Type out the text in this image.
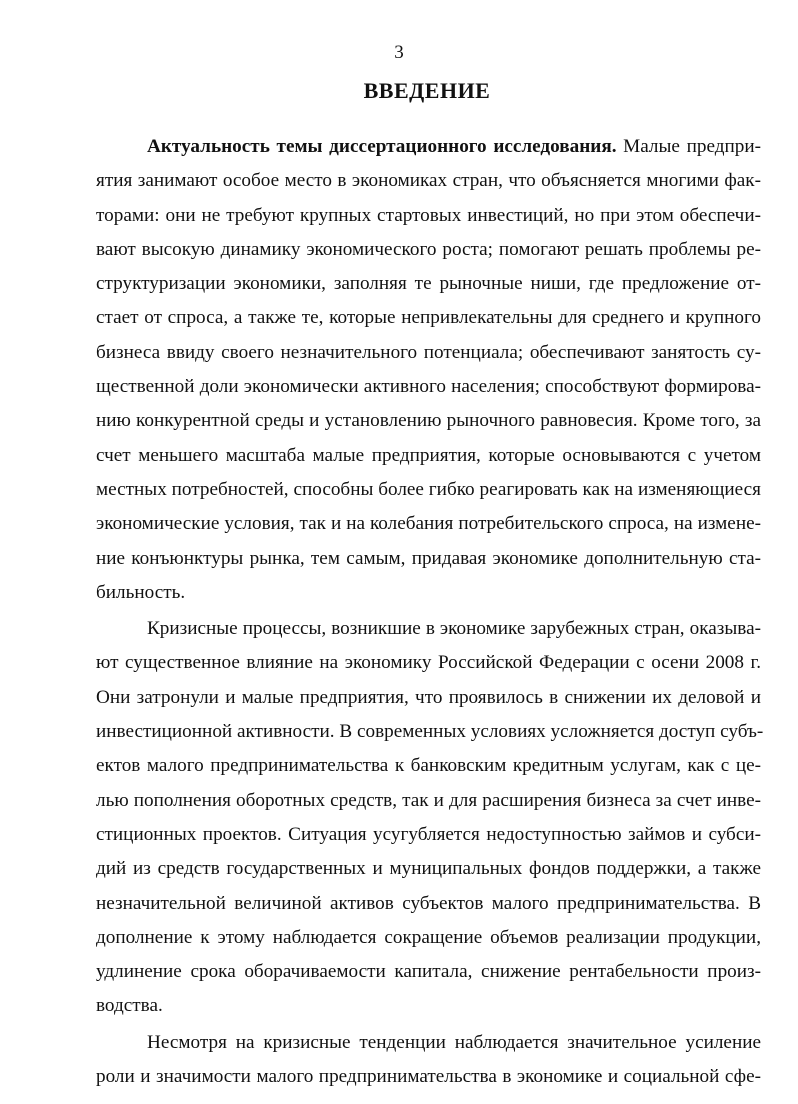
3
ВВЕДЕНИЕ
Актуальность темы диссертационного исследования. Малые предпри-
ятия занимают особое место в экономиках стран, что объясняется многими фак-
торами: они не требуют крупных стартовых инвестиций, но при этом обеспечи-
вают высокую динамику экономического роста; помогают решать проблемы ре-
структуризации экономики, заполняя те рыночные ниши, где предложение от-
стает от спроса, а также те, которые непривлекательны для среднего и крупного
бизнеса ввиду своего незначительного потенциала; обеспечивают занятость су-
щественной доли экономически активного населения; способствуют формирова-
нию конкурентной среды и установлению рыночного равновесия. Кроме того, за
счет меньшего масштаба малые предприятия, которые основываются с учетом
местных потребностей, способны более гибко реагировать как на изменяющиеся
экономические условия, так и на колебания потребительского спроса, на измене-
ние конъюнктуры рынка, тем самым, придавая экономике дополнительную ста-
бильность.
Кризисные процессы, возникшие в экономике зарубежных стран, оказыва-
ют существенное влияние на экономику Российской Федерации с осени 2008 г.
Они затронули и малые предприятия, что проявилось в снижении их деловой и
инвестиционной активности. В современных условиях усложняется доступ субъ-
ектов малого предпринимательства к банковским кредитным услугам, как с це-
лью пополнения оборотных средств, так и для расширения бизнеса за счет инве-
стиционных проектов. Ситуация усугубляется недоступностью займов и субси-
дий из средств государственных и муниципальных фондов поддержки, а также
незначительной величиной активов субъектов малого предпринимательства. В
дополнение к этому наблюдается сокращение объемов реализации продукции,
удлинение срока оборачиваемости капитала, снижение рентабельности произ-
водства.
Несмотря на кризисные тенденции наблюдается значительное усиление
роли и значимости малого предпринимательства в экономике и социальной сфе-
